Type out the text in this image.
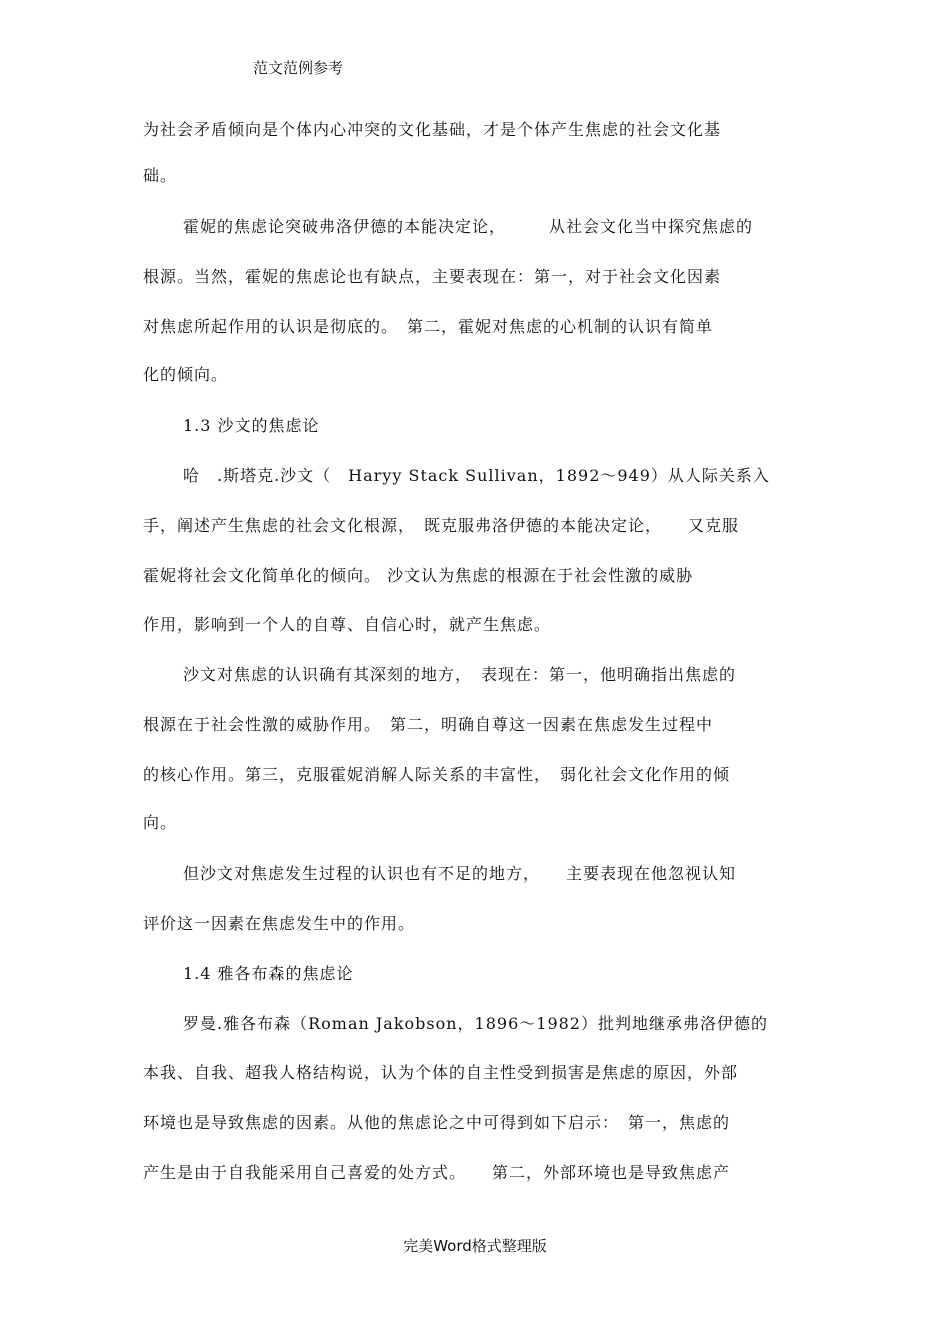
范文范例参考
为社会矛盾倾向是个体内心冲突的文化基础，才是个体产生焦虑的社会文化基
础。
霍妮的焦虑论突破弗洛伊德的本能决定论，　　　从社会文化当中探究焦虑的
根源。当然，霍妮的焦虑论也有缺点，主要表现在：第一，对于社会文化因素
对焦虑所起作用的认识是彻底的。　第二，霍妮对焦虑的心机制的认识有简单
化的倾向。
1.3 沙文的焦虑论
哈　.斯塔克.沙文（　Haryy Stack Sullivan，1892～949）从人际关系入
手，阐述产生焦虑的社会文化根源，　既克服弗洛伊德的本能决定论，　　又克服
霍妮将社会文化简单化的倾向。 沙文认为焦虑的根源在于社会性激的威胁
作用，影响到一个人的自尊、自信心时，就产生焦虑。
沙文对焦虑的认识确有其深刻的地方，　表现在：第一，他明确指出焦虑的
根源在于社会性激的威胁作用。　第二，明确自尊这一因素在焦虑发生过程中
的核心作用。第三，克服霍妮消解人际关系的丰富性，　弱化社会文化作用的倾
向。
但沙文对焦虑发生过程的认识也有不足的地方，　　主要表现在他忽视认知
评价这一因素在焦虑发生中的作用。
1.4 雅各布森的焦虑论
罗曼.雅各布森（Roman Jakobson，1896～1982）批判地继承弗洛伊德的
本我、自我、超我人格结构说，认为个体的自主性受到损害是焦虑的原因，外部
环境也是导致焦虑的因素。从他的焦虑论之中可得到如下启示：　第一，焦虑的
产生是由于自我能采用自己喜爱的处方式。　　第二，外部环境也是导致焦虑产
完美Word格式整理版
